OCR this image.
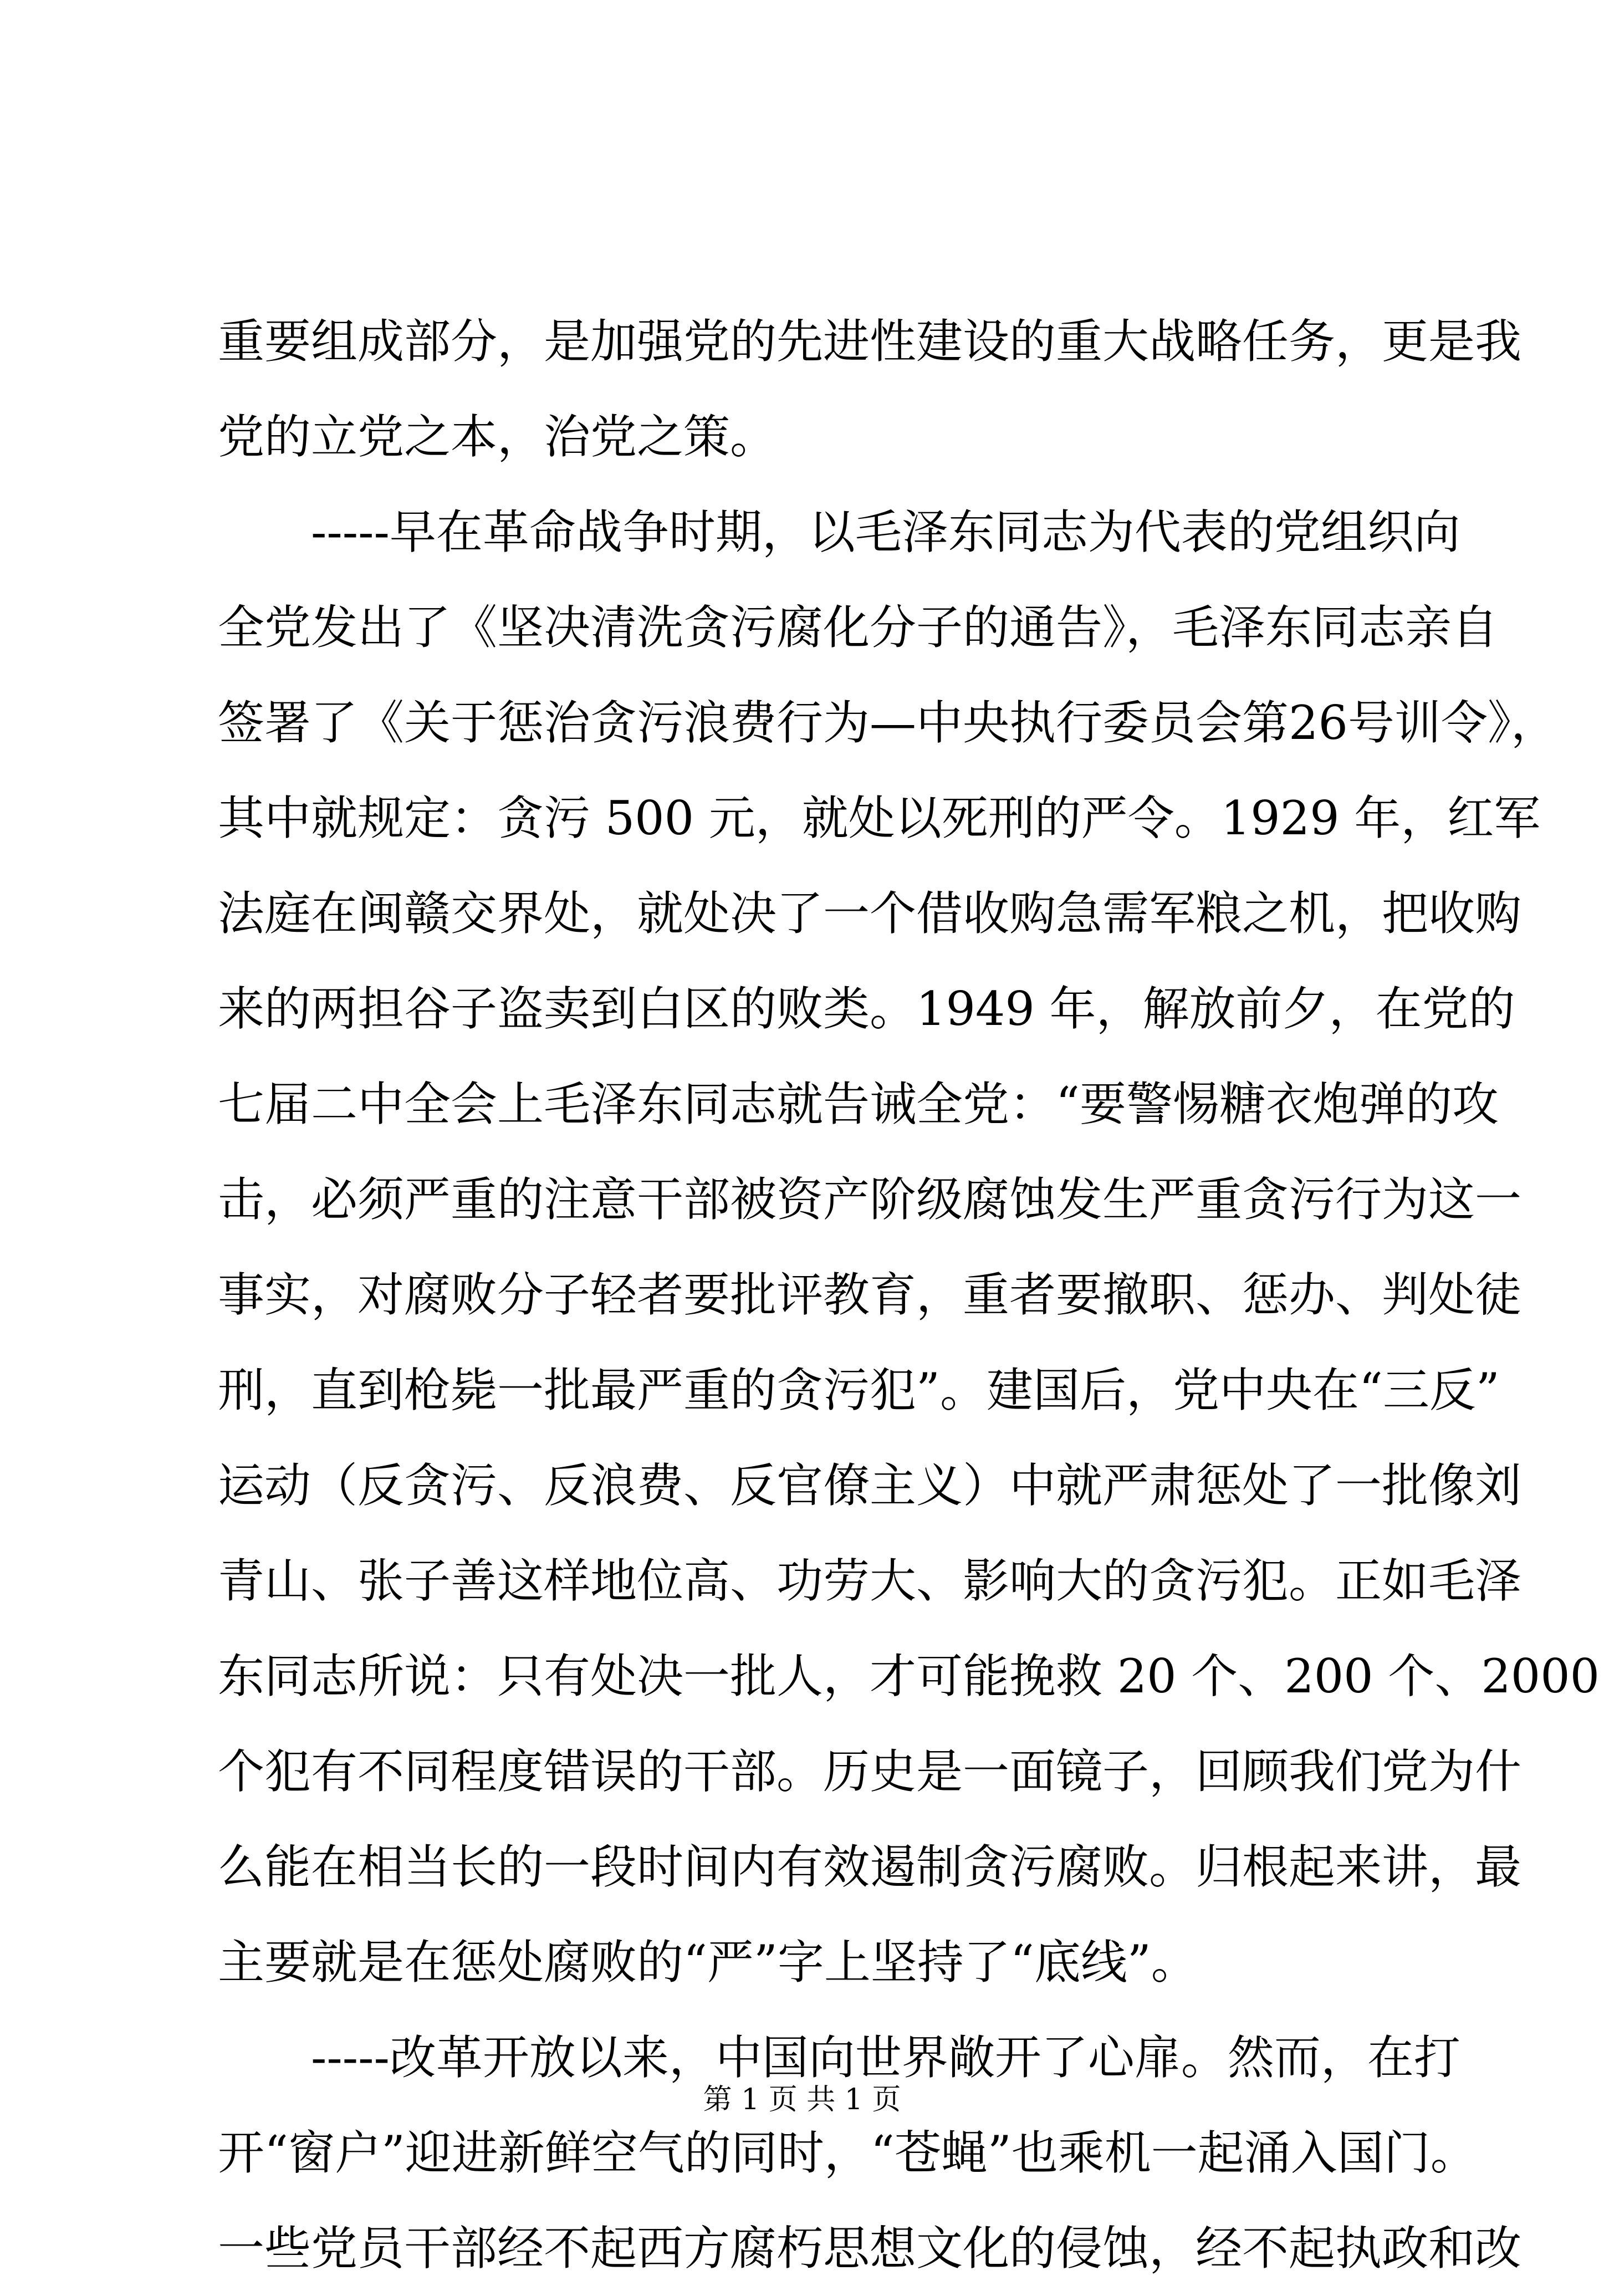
重要组成部分，是加强党的先进性建设的重大战略任务，更是我
党的立党之本，治党之策。
　　-----早在革命战争时期，以毛泽东同志为代表的党组织向
全党发出了《坚决清洗贪污腐化分子的通告》，毛泽东同志亲自
签署了《关于惩治贪污浪费行为—中央执行委员会第26号训令》，
其中就规定：贪污 500 元，就处以死刑的严令。1929 年，红军
法庭在闽赣交界处，就处决了一个借收购急需军粮之机，把收购
来的两担谷子盗卖到白区的败类。1949 年，解放前夕，在党的
七届二中全会上毛泽东同志就告诫全党：“要警惕糖衣炮弹的攻
击，必须严重的注意干部被资产阶级腐蚀发生严重贪污行为这一
事实，对腐败分子轻者要批评教育，重者要撤职、惩办、判处徒
刑，直到枪毙一批最严重的贪污犯”。建国后，党中央在“三反”
运动（反贪污、反浪费、反官僚主义）中就严肃惩处了一批像刘
青山、张子善这样地位高、功劳大、影响大的贪污犯。正如毛泽
东同志所说：只有处决一批人，才可能挽救 20 个、200 个、2000
个犯有不同程度错误的干部。历史是一面镜子，回顾我们党为什
么能在相当长的一段时间内有效遏制贪污腐败。归根起来讲，最
主要就是在惩处腐败的“严”字上坚持了“底线”。
　　-----改革开放以来，中国向世界敞开了心扉。然而，在打
开“窗户”迎进新鲜空气的同时，“苍蝇”也乘机一起涌入国门。
一些党员干部经不起西方腐朽思想文化的侵蚀，经不起执政和改
第 1 页 共 1 页
